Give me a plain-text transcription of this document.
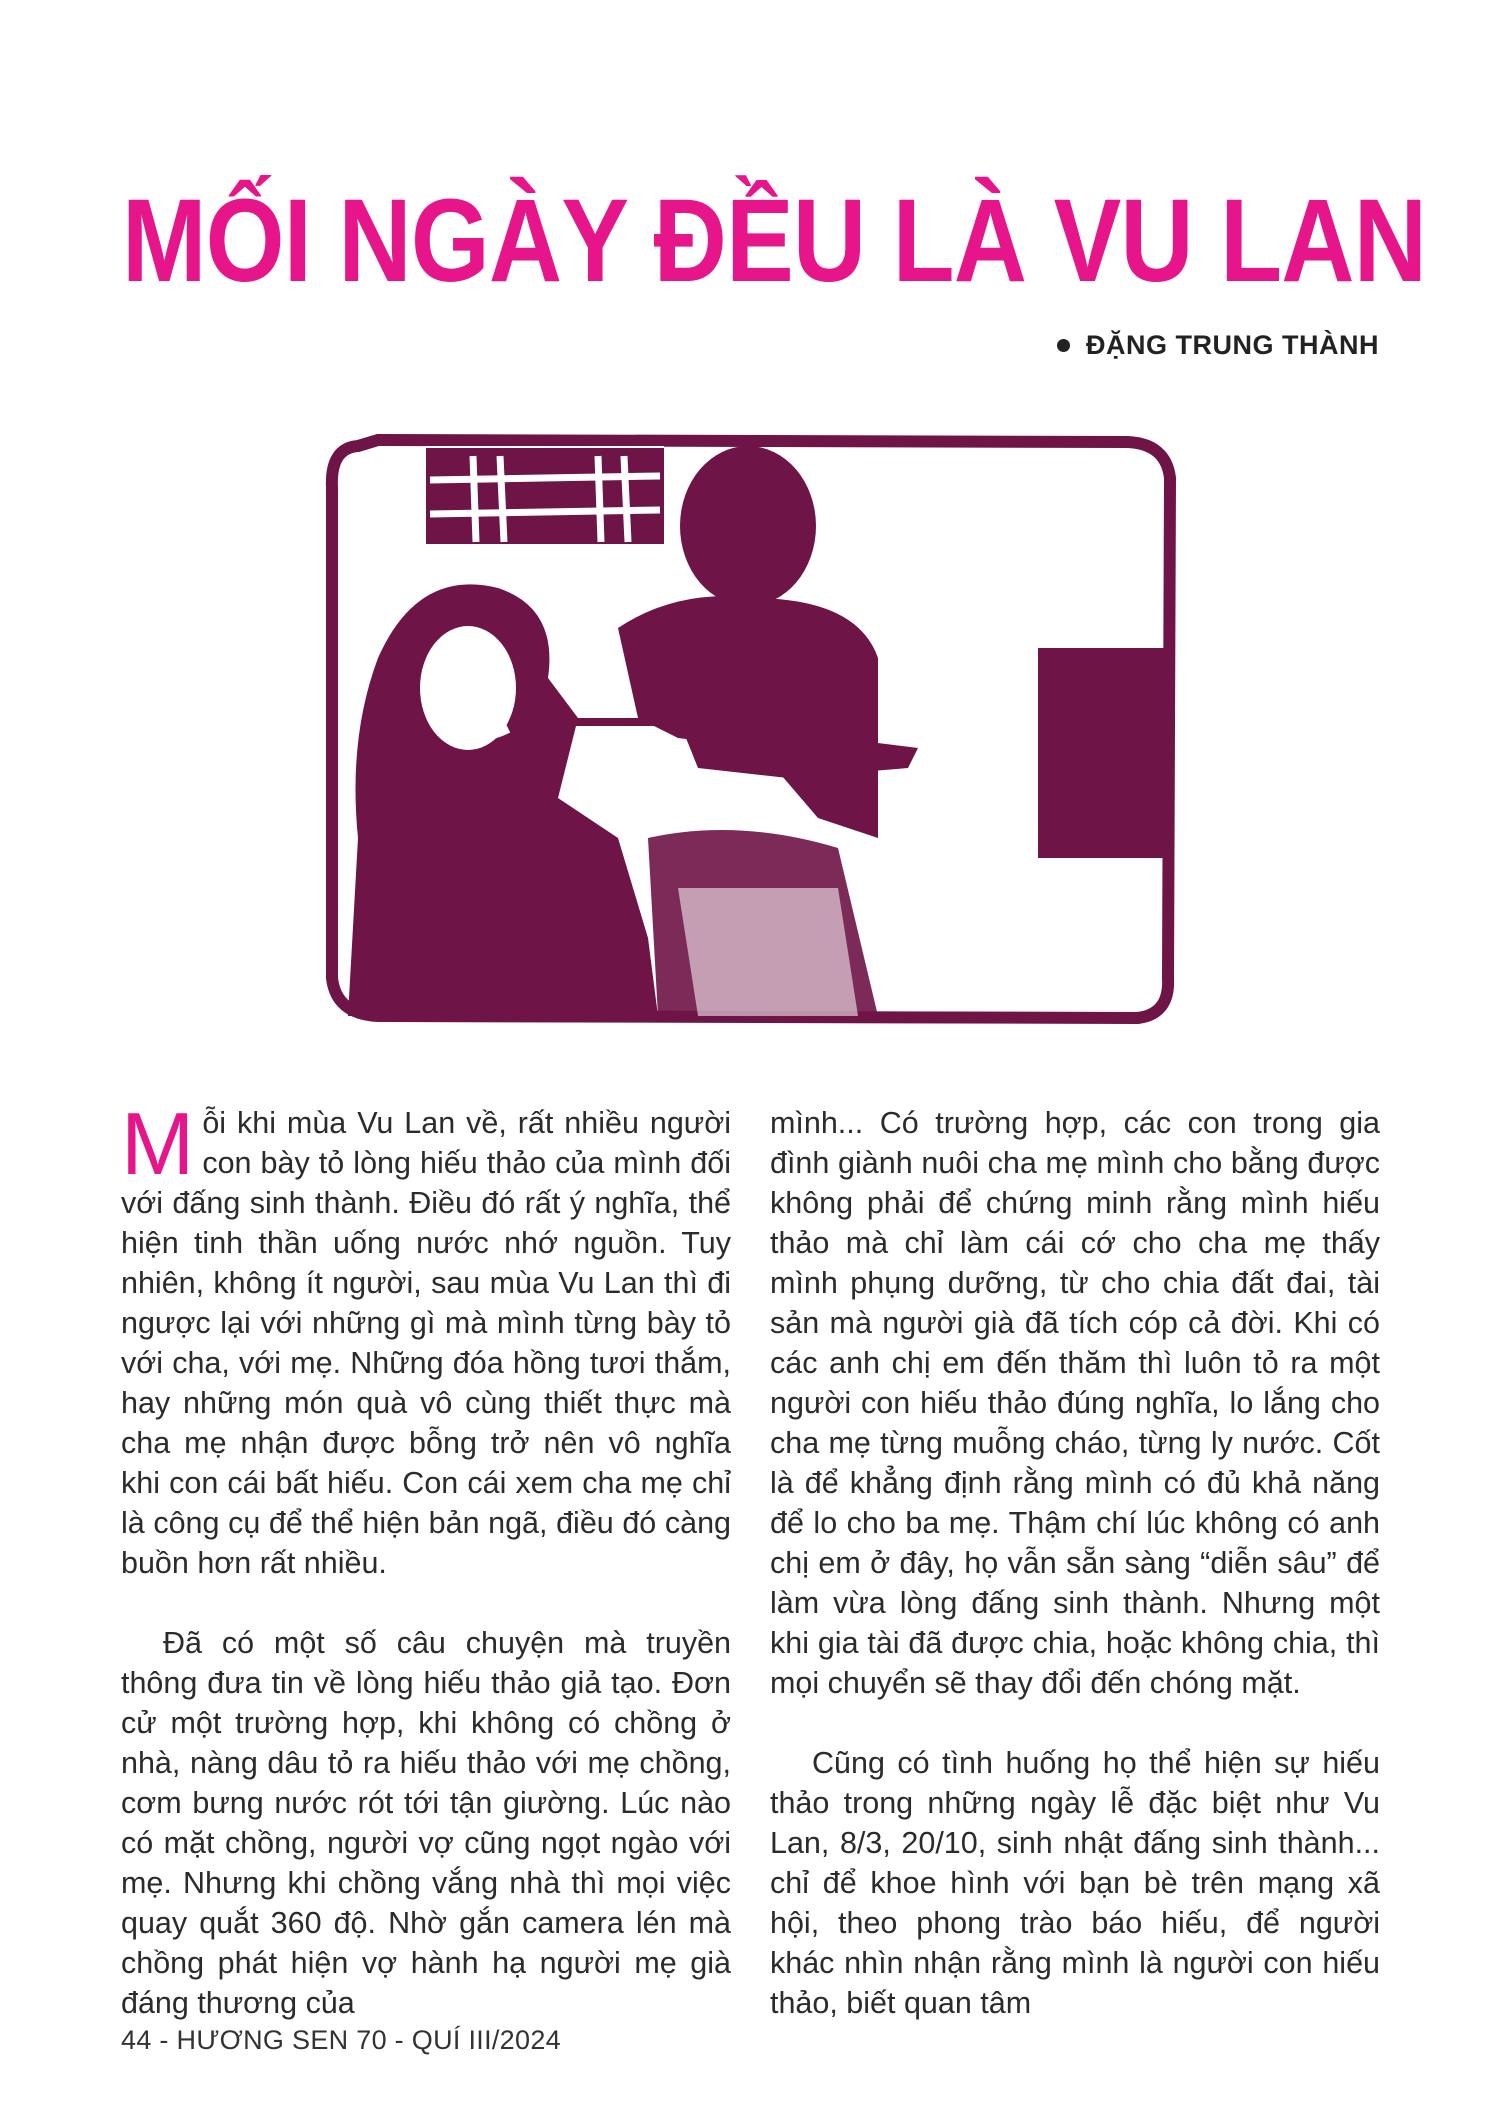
MỐI NGÀY ĐỀU LÀ VU LAN
ĐẶNG TRUNG THÀNH

Mỗi khi mùa Vu Lan về, rất nhiều người con bày tỏ lòng hiếu thảo của mình đối với đấng sinh thành. Điều đó rất ý nghĩa, thể hiện tinh thần uống nước nhớ nguồn. Tuy nhiên, không ít người, sau mùa Vu Lan thì đi ngược lại với những gì mà mình từng bày tỏ với cha, với mẹ. Những đóa hồng tươi thắm, hay những món quà vô cùng thiết thực mà cha mẹ nhận được bỗng trở nên vô nghĩa khi con cái bất hiếu. Con cái xem cha mẹ chỉ là công cụ để thể hiện bản ngã, điều đó càng buồn hơn rất nhiều.

Đã có một số câu chuyện mà truyền thông đưa tin về lòng hiếu thảo giả tạo. Đơn cử một trường hợp, khi không có chồng ở nhà, nàng dâu tỏ ra hiếu thảo với mẹ chồng, cơm bưng nước rót tới tận giường. Lúc nào có mặt chồng, người vợ cũng ngọt ngào với mẹ. Nhưng khi chồng vắng nhà thì mọi việc quay quắt 360 độ. Nhờ gắn camera lén mà chồng phát hiện vợ hành hạ người mẹ già đáng thương của

mình... Có trường hợp, các con trong gia đình giành nuôi cha mẹ mình cho bằng được không phải để chứng minh rằng mình hiếu thảo mà chỉ làm cái cớ cho cha mẹ thấy mình phụng dưỡng, từ cho chia đất đai, tài sản mà người già đã tích cóp cả đời. Khi có các anh chị em đến thăm thì luôn tỏ ra một người con hiếu thảo đúng nghĩa, lo lắng cho cha mẹ từng muỗng cháo, từng ly nước. Cốt là để khẳng định rằng mình có đủ khả năng để lo cho ba mẹ. Thậm chí lúc không có anh chị em ở đây, họ vẫn sẵn sàng “diễn sâu” để làm vừa lòng đấng sinh thành. Nhưng một khi gia tài đã được chia, hoặc không chia, thì mọi chuyển sẽ thay đổi đến chóng mặt.

Cũng có tình huống họ thể hiện sự hiếu thảo trong những ngày lễ đặc biệt như Vu Lan, 8/3, 20/10, sinh nhật đấng sinh thành... chỉ để khoe hình với bạn bè trên mạng xã hội, theo phong trào báo hiếu, để người khác nhìn nhận rằng mình là người con hiếu thảo, biết quan tâm

44 - HƯƠNG SEN 70 - QUÍ III/2024
